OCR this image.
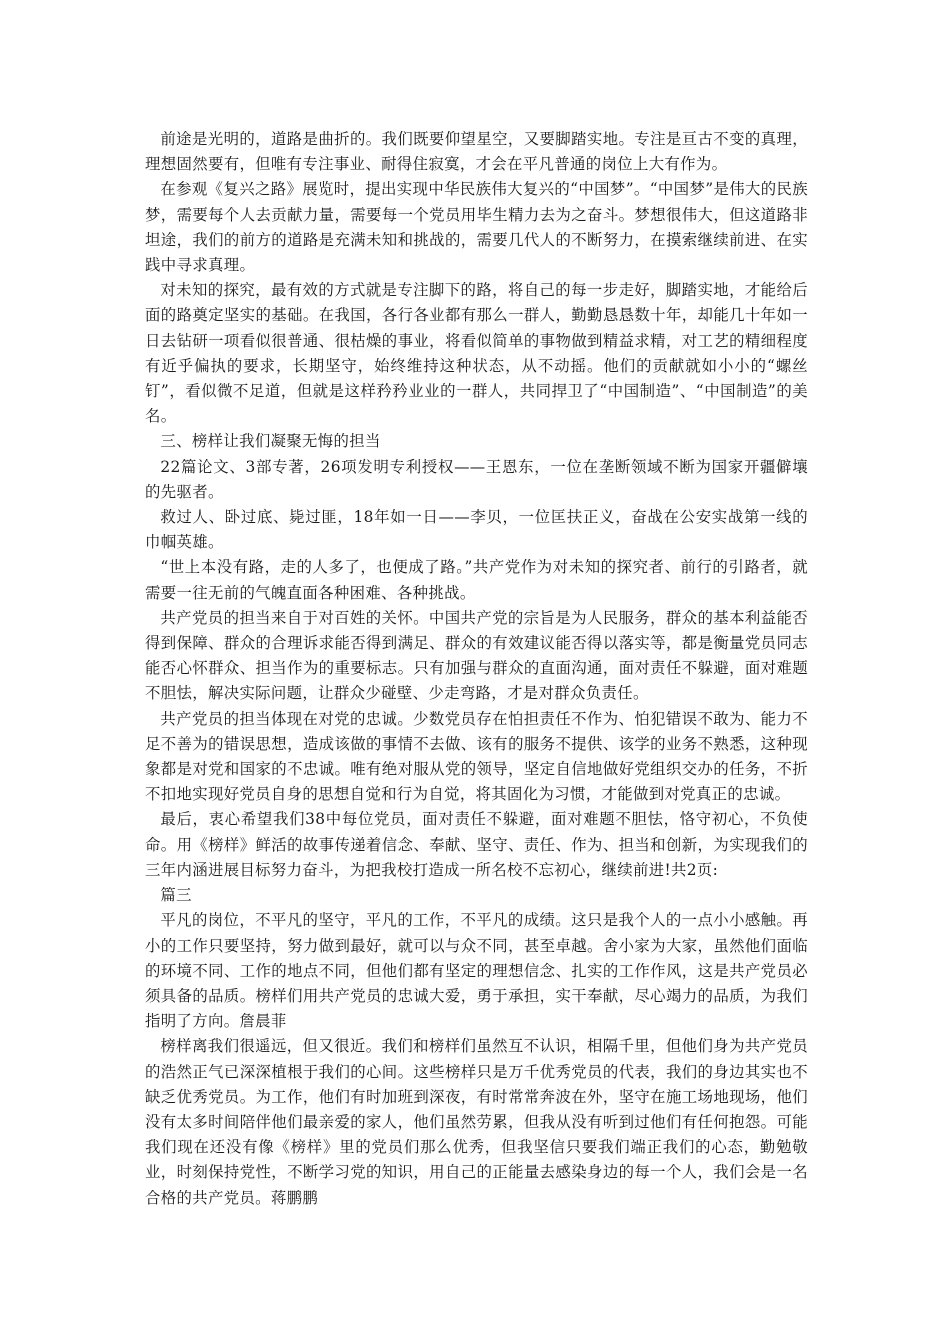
前途是光明的，道路是曲折的。我们既要仰望星空，又要脚踏实地。专注是亘古不变的真理，理想固然要有，但唯有专注事业、耐得住寂寞，才会在平凡普通的岗位上大有作为。

在参观《复兴之路》展览时，提出实现中华民族伟大复兴的“中国梦”。“中国梦”是伟大的民族梦，需要每个人去贡献力量，需要每一个党员用毕生精力去为之奋斗。梦想很伟大，但这道路非坦途，我们的前方的道路是充满未知和挑战的，需要几代人的不断努力，在摸索继续前进、在实践中寻求真理。

对未知的探究，最有效的方式就是专注脚下的路，将自己的每一步走好，脚踏实地，才能给后面的路奠定坚实的基础。在我国，各行各业都有那么一群人，勤勤恳恳数十年，却能几十年如一日去钻研一项看似很普通、很枯燥的事业，将看似简单的事物做到精益求精，对工艺的精细程度有近乎偏执的要求，长期坚守，始终维持这种状态，从不动摇。他们的贡献就如小小的“螺丝钉”，看似微不足道，但就是这样矜矜业业的一群人，共同捍卫了“中国制造”、“中国制造”的美名。

三、榜样让我们凝聚无悔的担当

22篇论文、3部专著，26项发明专利授权——王恩东，一位在垄断领域不断为国家开疆僻壤的先驱者。

救过人、卧过底、毙过匪，18年如一日——李贝，一位匡扶正义，奋战在公安实战第一线的巾帼英雄。

“世上本没有路，走的人多了，也便成了路。”共产党作为对未知的探究者、前行的引路者，就需要一往无前的气魄直面各种困难、各种挑战。

共产党员的担当来自于对百姓的关怀。中国共产党的宗旨是为人民服务，群众的基本利益能否得到保障、群众的合理诉求能否得到满足、群众的有效建议能否得以落实等，都是衡量党员同志能否心怀群众、担当作为的重要标志。只有加强与群众的直面沟通，面对责任不躲避，面对难题不胆怯，解决实际问题，让群众少碰壁、少走弯路，才是对群众负责任。

共产党员的担当体现在对党的忠诚。少数党员存在怕担责任不作为、怕犯错误不敢为、能力不足不善为的错误思想，造成该做的事情不去做、该有的服务不提供、该学的业务不熟悉，这种现象都是对党和国家的不忠诚。唯有绝对服从党的领导，坚定自信地做好党组织交办的任务，不折不扣地实现好党员自身的思想自觉和行为自觉，将其固化为习惯，才能做到对党真正的忠诚。

最后，衷心希望我们38中每位党员，面对责任不躲避，面对难题不胆怯，恪守初心，不负使命。用《榜样》鲜活的故事传递着信念、奉献、坚守、责任、作为、担当和创新，为实现我们的三年内涵进展目标努力奋斗，为把我校打造成一所名校不忘初心，继续前进!共2页:

篇三

平凡的岗位，不平凡的坚守，平凡的工作，不平凡的成绩。这只是我个人的一点小小感触。再小的工作只要坚持，努力做到最好，就可以与众不同，甚至卓越。舍小家为大家，虽然他们面临的环境不同、工作的地点不同，但他们都有坚定的理想信念、扎实的工作作风，这是共产党员必须具备的品质。榜样们用共产党员的忠诚大爱，勇于承担，实干奉献，尽心竭力的品质，为我们指明了方向。詹晨菲

榜样离我们很遥远，但又很近。我们和榜样们虽然互不认识，相隔千里，但他们身为共产党员的浩然正气已深深植根于我们的心间。这些榜样只是万千优秀党员的代表，我们的身边其实也不缺乏优秀党员。为工作，他们有时加班到深夜，有时常常奔波在外，坚守在施工场地现场，他们没有太多时间陪伴他们最亲爱的家人，他们虽然劳累，但我从没有听到过他们有任何抱怨。可能我们现在还没有像《榜样》里的党员们那么优秀，但我坚信只要我们端正我们的心态，勤勉敬业，时刻保持党性，不断学习党的知识，用自己的正能量去感染身边的每一个人，我们会是一名合格的共产党员。蒋鹏鹏
